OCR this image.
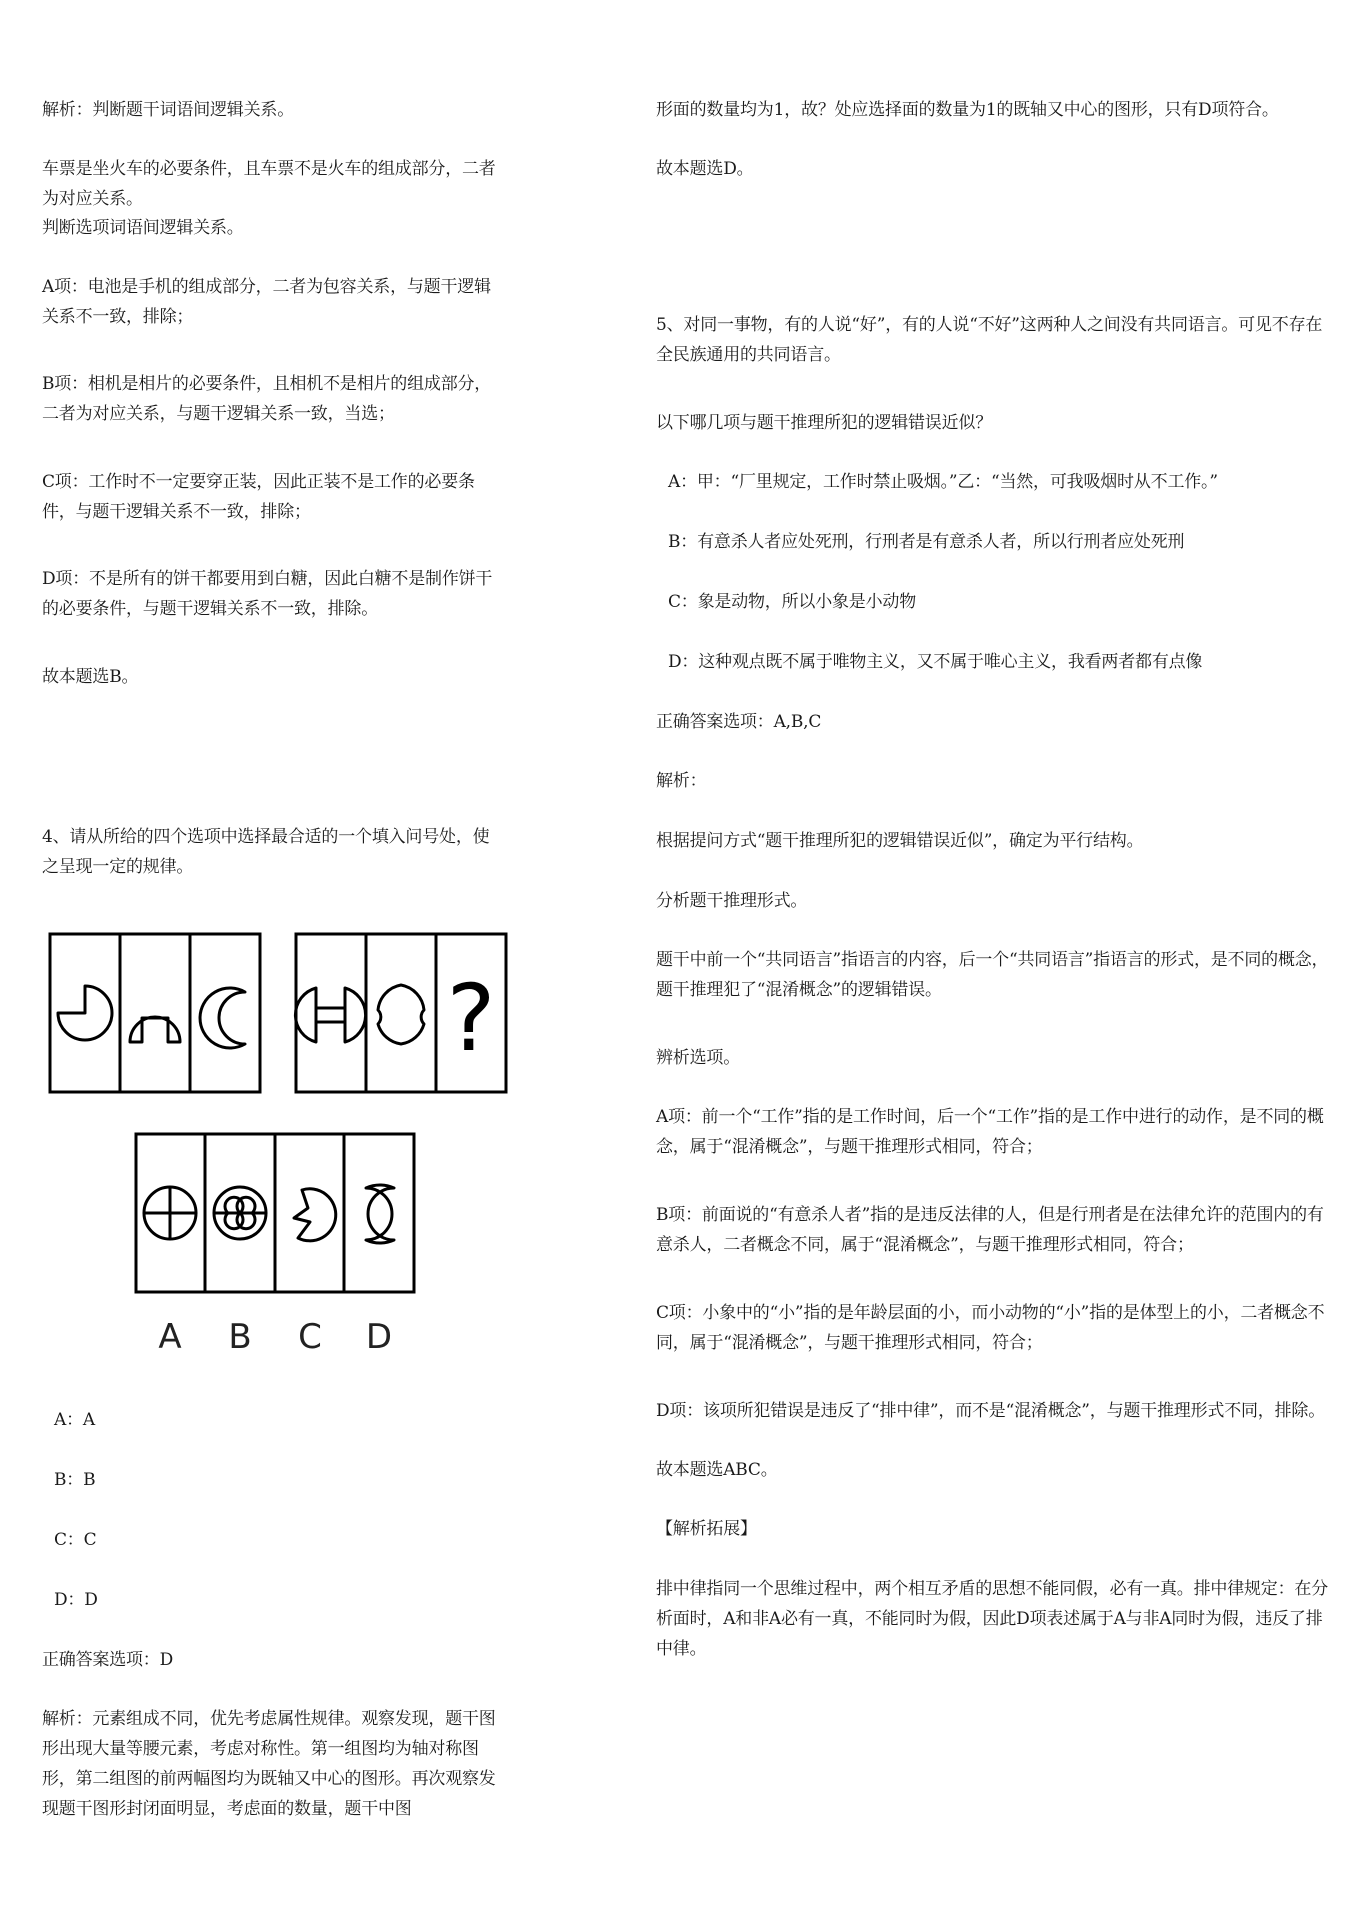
解析：判断题干词语间逻辑关系。

车票是坐火车的必要条件，且车票不是火车的组成部分，二者为对应关系。

判断选项词语间逻辑关系。

A项：电池是手机的组成部分，二者为包容关系，与题干逻辑关系不一致，排除；

B项：相机是相片的必要条件，且相机不是相片的组成部分，二者为对应关系，与题干逻辑关系一致，当选；

C项：工作时不一定要穿正装，因此正装不是工作的必要条件，与题干逻辑关系不一致，排除；

D项：不是所有的饼干都要用到白糖，因此白糖不是制作饼干的必要条件，与题干逻辑关系不一致，排除。

故本题选B。

4、请从所给的四个选项中选择最合适的一个填入问号处，使之呈现一定的规律。

?
A B C D

A：A

B：B

C：C

D：D

正确答案选项：D

解析：元素组成不同，优先考虑属性规律。观察发现，题干图形出现大量等腰元素，考虑对称性。第一组图均为轴对称图形，第二组图的前两幅图均为既轴又中心的图形。再次观察发现题干图形封闭面明显，考虑面的数量，题干中图

形面的数量均为1，故？处应选择面的数量为1的既轴又中心的图形，只有D项符合。

故本题选D。

5、对同一事物，有的人说“好”，有的人说“不好”这两种人之间没有共同语言。可见不存在全民族通用的共同语言。

以下哪几项与题干推理所犯的逻辑错误近似？

A：甲：“厂里规定，工作时禁止吸烟。”乙：“当然，可我吸烟时从不工作。”

B：有意杀人者应处死刑，行刑者是有意杀人者，所以行刑者应处死刑

C：象是动物，所以小象是小动物

D：这种观点既不属于唯物主义，又不属于唯心主义，我看两者都有点像

正确答案选项：A,B,C

解析：

根据提问方式“题干推理所犯的逻辑错误近似”，确定为平行结构。

分析题干推理形式。

题干中前一个“共同语言”指语言的内容，后一个“共同语言”指语言的形式，是不同的概念，题干推理犯了“混淆概念”的逻辑错误。

辨析选项。

A项：前一个“工作”指的是工作时间，后一个“工作”指的是工作中进行的动作，是不同的概念，属于“混淆概念”，与题干推理形式相同，符合；

B项：前面说的“有意杀人者”指的是违反法律的人，但是行刑者是在法律允许的范围内的有意杀人，二者概念不同，属于“混淆概念”，与题干推理形式相同，符合；

C项：小象中的“小”指的是年龄层面的小，而小动物的“小”指的是体型上的小，二者概念不同，属于“混淆概念”，与题干推理形式相同，符合；

D项：该项所犯错误是违反了“排中律”，而不是“混淆概念”，与题干推理形式不同，排除。

故本题选ABC。

【解析拓展】

排中律指同一个思维过程中，两个相互矛盾的思想不能同假，必有一真。排中律规定：在分析面时，A和非A必有一真，不能同时为假，因此D项表述属于A与非A同时为假，违反了排中律。
